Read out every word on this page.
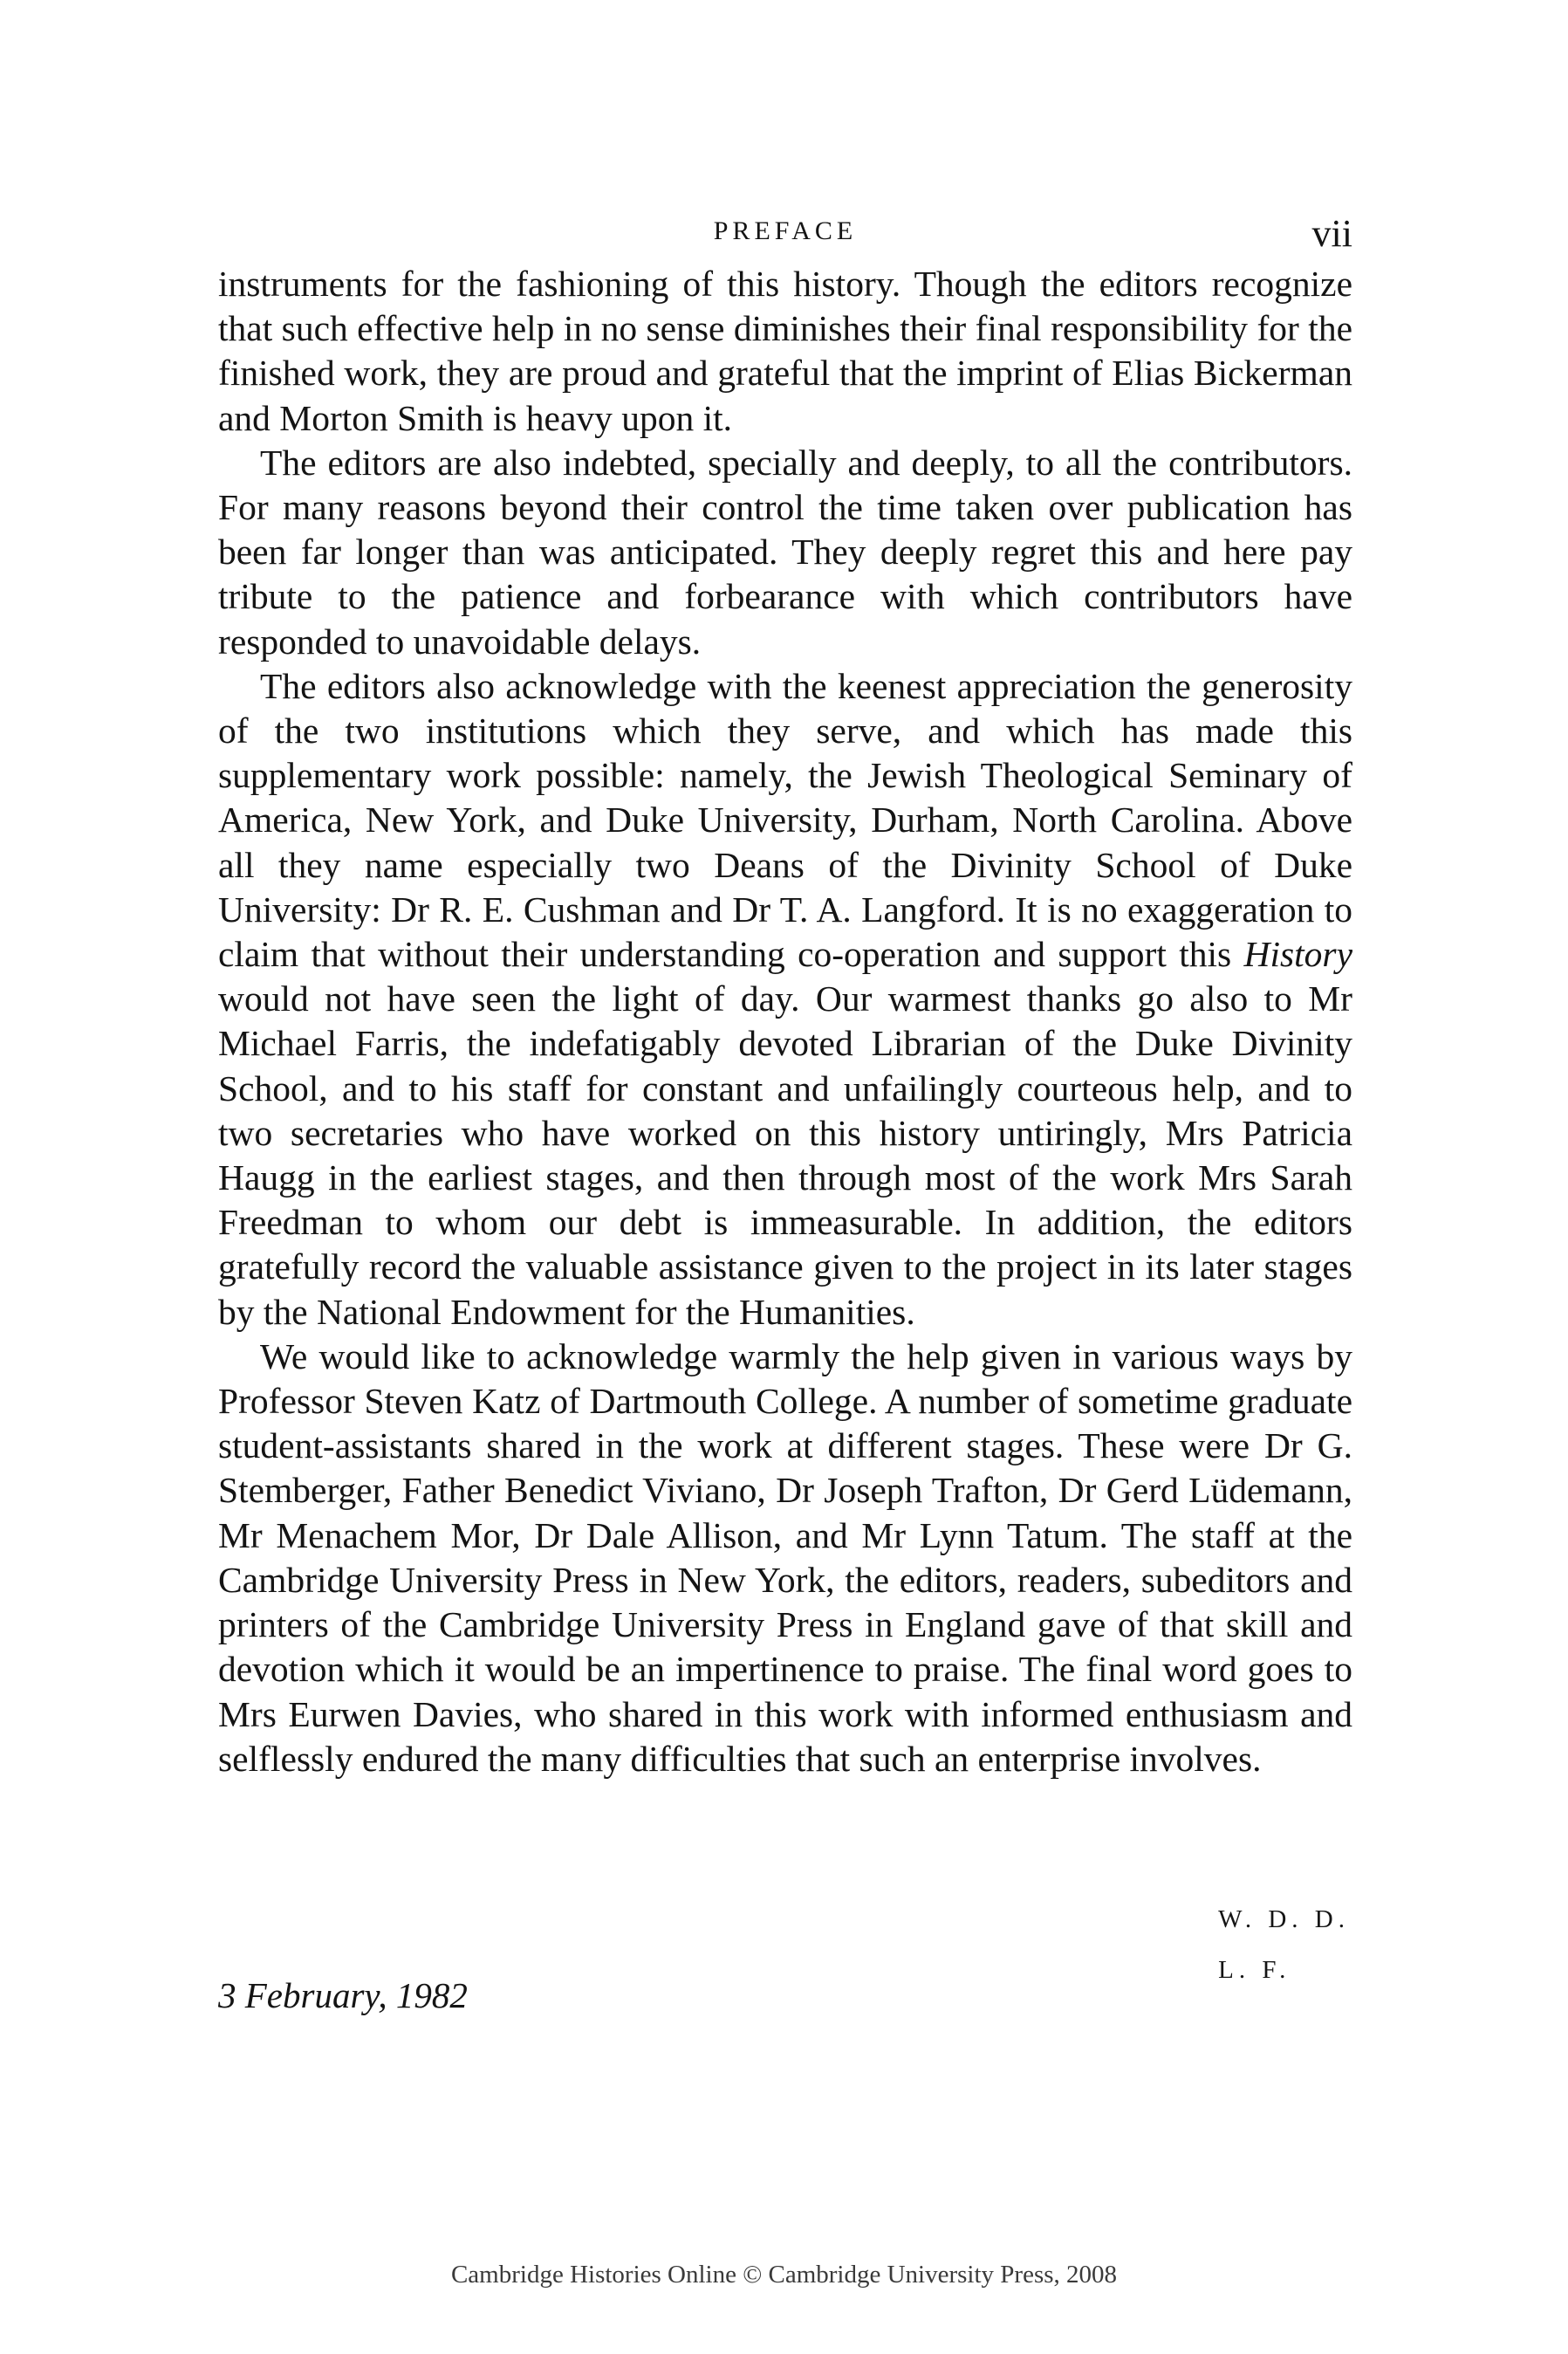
PREFACE	vii

instruments for the fashioning of this history. Though the editors recognize that such effective help in no sense diminishes their final responsibility for the finished work, they are proud and grateful that the imprint of Elias Bickerman and Morton Smith is heavy upon it.

The editors are also indebted, specially and deeply, to all the contributors. For many reasons beyond their control the time taken over publication has been far longer than was anticipated. They deeply regret this and here pay tribute to the patience and forbearance with which contributors have responded to unavoidable delays.

The editors also acknowledge with the keenest appreciation the generosity of the two institutions which they serve, and which has made this supplementary work possible: namely, the Jewish Theological Seminary of America, New York, and Duke University, Durham, North Carolina. Above all they name especially two Deans of the Divinity School of Duke University: Dr R. E. Cushman and Dr T. A. Langford. It is no exaggeration to claim that without their understanding co-operation and support this History would not have seen the light of day. Our warmest thanks go also to Mr Michael Farris, the indefatigably devoted Librarian of the Duke Divinity School, and to his staff for constant and unfailingly courteous help, and to two secretaries who have worked on this history untiringly, Mrs Patricia Haugg in the earliest stages, and then through most of the work Mrs Sarah Freedman to whom our debt is immeasurable. In addition, the editors gratefully record the valuable assistance given to the project in its later stages by the National Endowment for the Humanities.

We would like to acknowledge warmly the help given in various ways by Professor Steven Katz of Dartmouth College. A number of sometime graduate student-assistants shared in the work at different stages. These were Dr G. Stemberger, Father Benedict Viviano, Dr Joseph Trafton, Dr Gerd Lüdemann, Mr Menachem Mor, Dr Dale Allison, and Mr Lynn Tatum. The staff at the Cambridge University Press in New York, the editors, readers, subeditors and printers of the Cambridge University Press in England gave of that skill and devotion which it would be an impertinence to praise. The final word goes to Mrs Eurwen Davies, who shared in this work with informed enthusiasm and selflessly endured the many difficulties that such an enterprise involves.

W. D. D.
L. F.
3 February, 1982
Cambridge Histories Online © Cambridge University Press, 2008
